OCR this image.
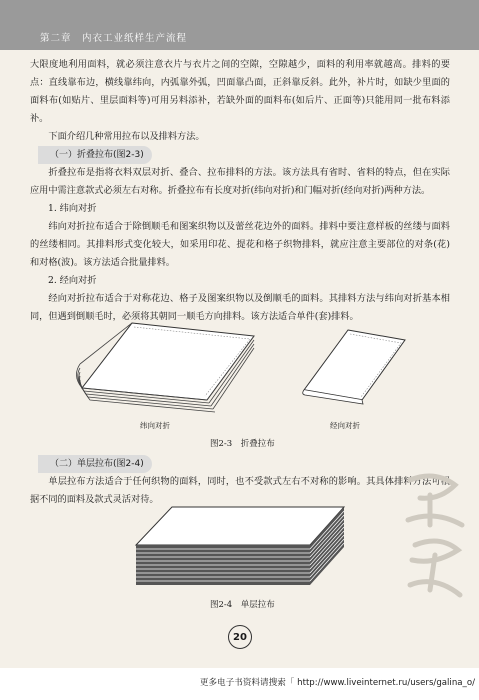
第二章　内衣工业纸样生产流程

大限度地利用面料，就必须注意衣片与衣片之间的空隙，空隙越少，面料的利用率就越高。排料的要点：直线靠布边，横线靠纬向，内弧靠外弧，凹面靠凸面，正斜靠反斜。此外，补片时，如缺少里面的面料布(如贴片、里层面料等)可用另料添补，若缺外面的面料布(如后片、正面等)只能用同一批布料添补。

下面介绍几种常用拉布以及排料方法。

（一）折叠拉布(图2-3)

折叠拉布是指将衣料双层对折、叠合、拉布排料的方法。该方法具有省时、省料的特点，但在实际应用中需注意款式必须左右对称。折叠拉布有长度对折(纬向对折)和门幅对折(经向对折)两种方法。

1. 纬向对折

纬向对折拉布适合于除倒顺毛和图案织物以及蕾丝花边外的面料。排料中要注意样板的丝缕与面料的丝缕相同。其排料形式变化较大，如采用印花、提花和格子织物排料，就应注意主要部位的对条(花)和对格(波)。该方法适合批量排料。

2. 经向对折

经向对折拉布适合于对称花边、格子及图案织物以及倒顺毛的面料。其排料方法与纬向对折基本相同，但遇到倒顺毛时，必须将其朝同一顺毛方向排料。该方法适合单件(套)排料。

纬向对折	经向对折
图2-3　折叠拉布

（二）单层拉布(图2-4)

单层拉布方法适合于任何织物的面料，同时，也不受款式左右不对称的影响。其具体排料方法可根据不同的面料及款式灵活对待。

图2-4　单层拉布
20
更多电子书资料请搜索「 http://www.liveinternet.ru/users/galina_o/
